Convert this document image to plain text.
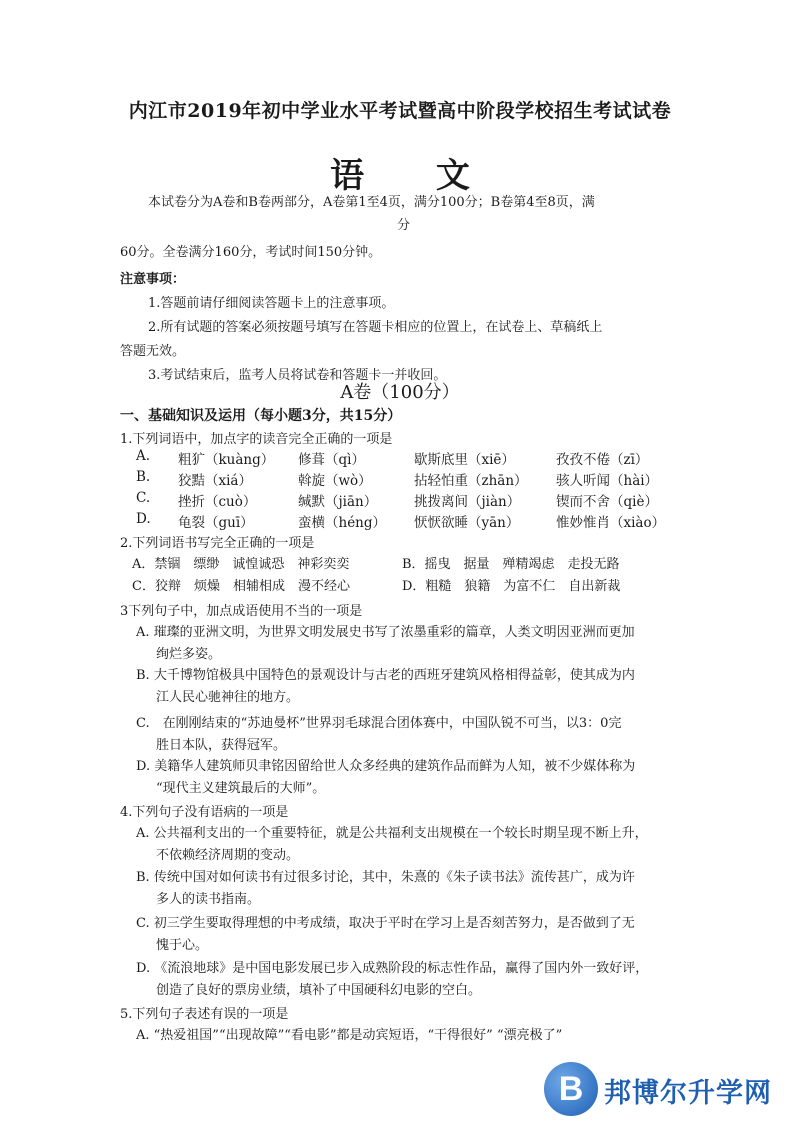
内江市2019年初中学业水平考试暨高中阶段学校招生考试试卷
语 文
本试卷分为A卷和B卷两部分，A卷第1至4页，满分100分；B卷第4至8页，满
分
60分。全卷满分160分，考试时间150分钟。
注意事项：
1.答题前请仔细阅读答题卡上的注意事项。
2.所有试题的答案必须按题号填写在答题卡相应的位置上，在试卷上、草稿纸上
答题无效。
3.考试结束后，监考人员将试卷和答题卡一并收回。
A卷（100分）
一、基础知识及运用（每小题3分，共15分）
1.下列词语中，加点字的读音完全正确的一项是
A. 粗犷（kuàng） 修葺（qì）	歇斯底里（xiē）	孜孜不倦（zī）
B. 狡黠（xiá）	斡旋（wò）	拈轻怕重（zhān） 骇人听闻（hài）
C. 挫折（cuò）	缄默（jiān）	挑拨离间（jiàn）	锲而不舍（qiè）
D. 龟裂（guī）	蛮横（héng） 恹恹欲睡（yān）	惟妙惟肖（xiào）
2.下列词语书写完全正确的一项是
A．禁锢　缥缈　诚惶诚恐　神彩奕奕	B．摇曳　据量　殚精竭虑　走投无路
C．狡辩　烦燥　相辅相成　漫不经心	D．粗糙　狼籍　为富不仁　自出新裁
3下列句子中，加点成语使用不当的一项是
A. 璀璨的亚洲文明，为世界文明发展史书写了浓墨重彩的篇章，人类文明因亚洲而更加
绚烂多姿。
B. 大千博物馆极具中国特色的景观设计与古老的西班牙建筑风格相得益彰，使其成为内
江人民心驰神往的地方。
C.　在刚刚结束的“苏迪曼杯”世界羽毛球混合团体赛中，中国队锐不可当，以3：0完
胜日本队，获得冠军。
D. 美籍华人建筑师贝聿铭因留给世人众多经典的建筑作品而鲜为人知，被不少媒体称为
“现代主义建筑最后的大师”。
4.下列句子没有语病的一项是
A. 公共福利支出的一个重要特征，就是公共福利支出规模在一个较长时期呈现不断上升，
不依赖经济周期的变动。
B. 传统中国对如何读书有过很多讨论，其中，朱熹的《朱子读书法》流传甚广，成为许
多人的读书指南。
C. 初三学生要取得理想的中考成绩，取决于平时在学习上是否刻苦努力，是否做到了无
愧于心。
D. 《流浪地球》是中国电影发展已步入成熟阶段的标志性作品，赢得了国内外一致好评，
创造了良好的票房业绩，填补了中国硬科幻电影的空白。
5.下列句子表述有误的一项是
A. “热爱祖国”“出现故障”“看电影”都是动宾短语，“干得很好” “漂亮极了”
B 邦博尔升学网
